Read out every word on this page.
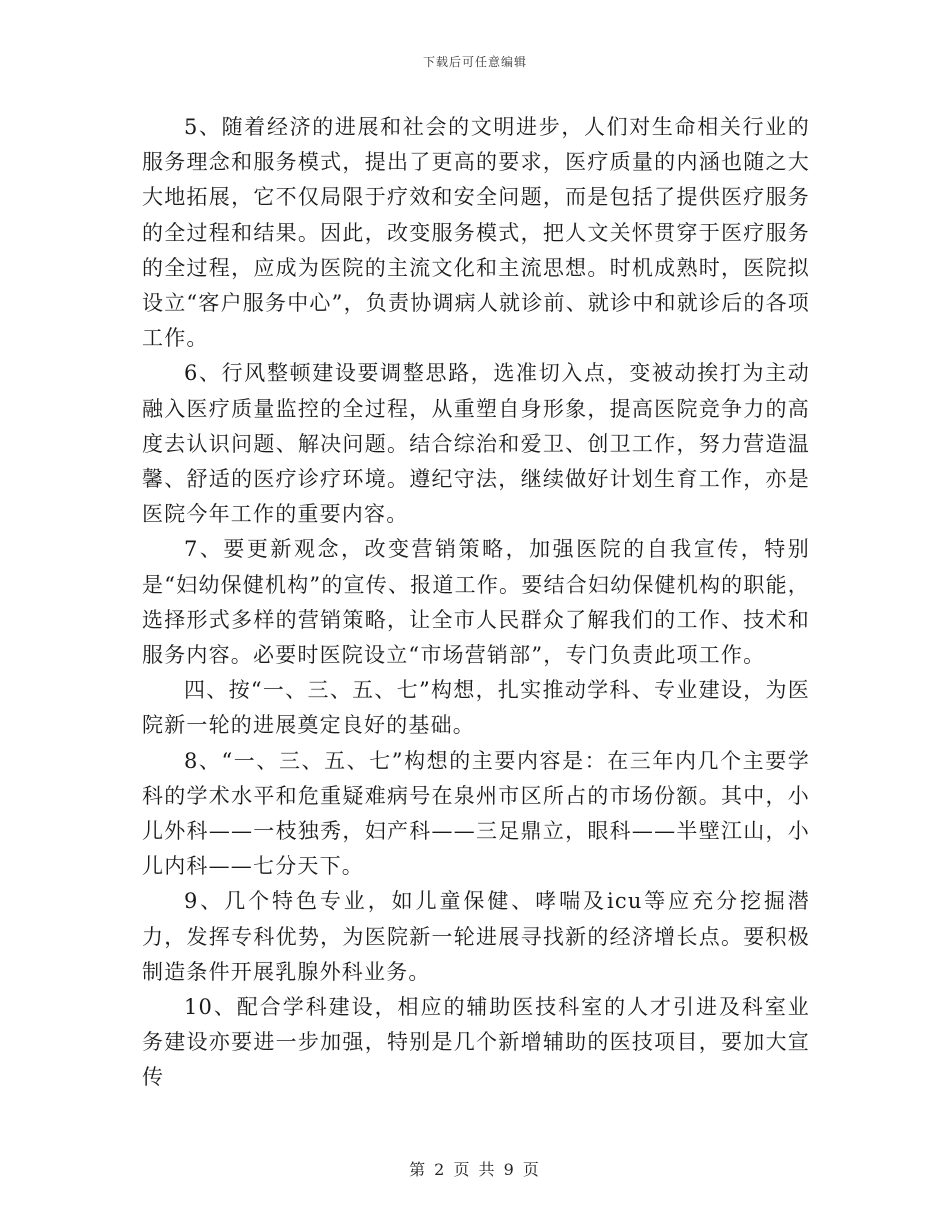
下载后可任意编辑

5、随着经济的进展和社会的文明进步，人们对生命相关行业的服务理念和服务模式，提出了更高的要求，医疗质量的内涵也随之大大地拓展，它不仅局限于疗效和安全问题，而是包括了提供医疗服务的全过程和结果。因此，改变服务模式，把人文关怀贯穿于医疗服务的全过程，应成为医院的主流文化和主流思想。时机成熟时，医院拟设立“客户服务中心”，负责协调病人就诊前、就诊中和就诊后的各项工作。

6、行风整顿建设要调整思路，选准切入点，变被动挨打为主动融入医疗质量监控的全过程，从重塑自身形象，提高医院竞争力的高度去认识问题、解决问题。结合综治和爱卫、创卫工作，努力营造温馨、舒适的医疗诊疗环境。遵纪守法，继续做好计划生育工作，亦是医院今年工作的重要内容。

7、要更新观念，改变营销策略，加强医院的自我宣传，特别是“妇幼保健机构”的宣传、报道工作。要结合妇幼保健机构的职能，选择形式多样的营销策略，让全市人民群众了解我们的工作、技术和服务内容。必要时医院设立“市场营销部”，专门负责此项工作。

四、按“一、三、五、七”构想，扎实推动学科、专业建设，为医院新一轮的进展奠定良好的基础。

8、“一、三、五、七”构想的主要内容是：在三年内几个主要学科的学术水平和危重疑难病号在泉州市区所占的市场份额。其中，小儿外科——一枝独秀，妇产科——三足鼎立，眼科——半壁江山，小儿内科——七分天下。

9、几个特色专业，如儿童保健、哮喘及icu等应充分挖掘潜力，发挥专科优势，为医院新一轮进展寻找新的经济增长点。要积极制造条件开展乳腺外科业务。

10、配合学科建设，相应的辅助医技科室的人才引进及科室业务建设亦要进一步加强，特别是几个新增辅助的医技项目，要加大宣传

第 2 页 共 9 页
